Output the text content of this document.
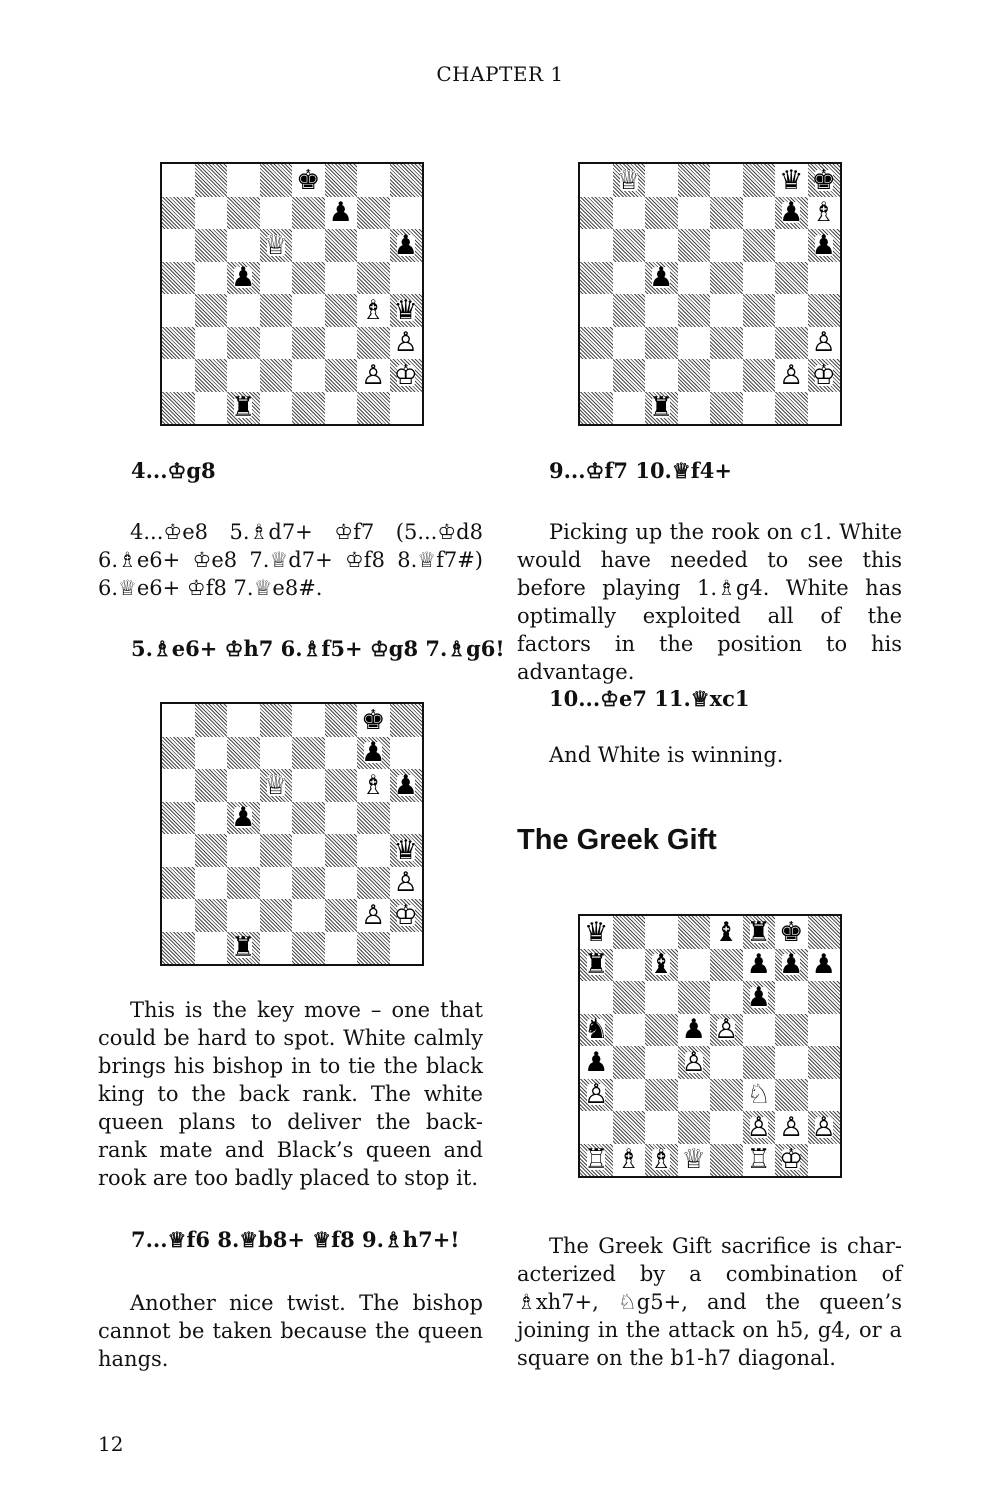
CHAPTER 1
♚
♟
♕	♟
♟
♗ ♛
♙
♙ ♔
♜
4...♔g8
4...♔e8 5.♗d7+ ♔f7 (5...♔d8 6.♗e6+ ♔e8 7.♕d7+ ♔f8 8.♕f7#) 6.♕e6+ ♔f8 7.♕e8#.
5.♗e6+ ♔h7 6.♗f5+ ♔g8 7.♗g6!
♚
♟
♕	♗ ♟
♟
♛
♙
♙ ♔
♜
This is the key move – one that could be hard to spot. White calmly brings his bishop in to tie the black king to the back rank. The white queen plans to deliver the back-rank mate and Black’s queen and rook are too badly placed to stop it.
7...♕f6 8.♕b8+ ♕f8 9.♗h7+!
Another nice twist. The bishop cannot be taken because the queen hangs.
♕	♛ ♚
♟ ♗
♟
♟
♙
♙ ♔
♜
9...♔f7 10.♕f4+
Picking up the rook on c1. White would have needed to see this before playing 1.♗g4. White has optimally exploited all of the factors in the position to his advantage.
10...♔e7 11.♕xc1
And White is winning.
The Greek Gift
♛	♝ ♜ ♚
♜ ♝	♟ ♟ ♟
♟
♞	♟ ♙
♟	♙
♙	♘
♙ ♙ ♙
♖ ♗ ♗ ♕ ♖ ♔
The Greek Gift sacrifice is characterized by a combination of ♗xh7+, ♘g5+, and the queen’s joining in the attack on h5, g4, or a square on the b1-h7 diagonal.
12
